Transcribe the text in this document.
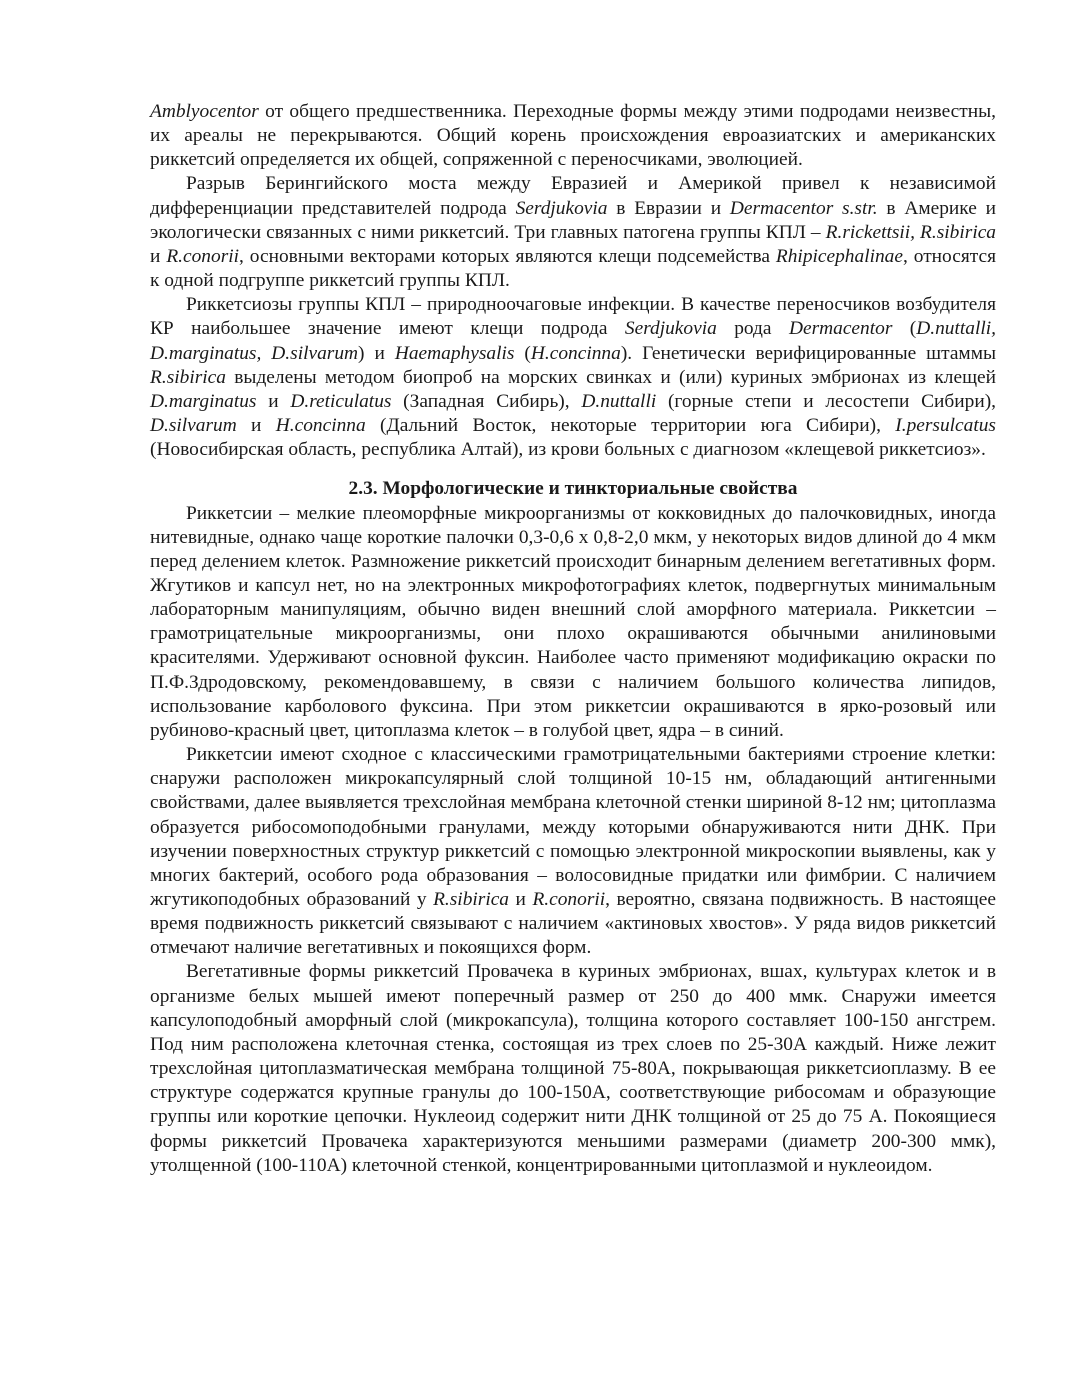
Amblyocentor от общего предшественника. Переходные формы между этими подродами неизвестны, их ареалы не перекрываются. Общий корень происхождения евроазиатских и американских риккетсий определяется их общей, сопряженной с переносчиками, эволюцией.

Разрыв Берингийского моста между Евразией и Америкой привел к независимой дифференциации представителей подрода Serdjukovia в Евразии и Dermacentor s.str. в Америке и экологически связанных с ними риккетсий. Три главных патогена группы КПЛ – R.rickettsii, R.sibirica и R.conorii, основными векторами которых являются клещи подсемейства Rhipicephalinae, относятся к одной подгруппе риккетсий группы КПЛ.

Риккетсиозы группы КПЛ – природноочаговые инфекции. В качестве переносчиков возбудителя КР наибольшее значение имеют клещи подрода Serdjukovia рода Dermacentor (D.nuttalli, D.marginatus, D.silvarum) и Haemaphysalis (H.concinna). Генетически верифицированные штаммы R.sibirica выделены методом биопроб на морских свинках и (или) куриных эмбрионах из клещей D.marginatus и D.reticulatus (Западная Сибирь), D.nuttalli (горные степи и лесостепи Сибири), D.silvarum и H.concinna (Дальний Восток, некоторые территории юга Сибири), I.persulcatus (Новосибирская область, республика Алтай), из крови больных с диагнозом «клещевой риккетсиоз».

2.3. Морфологические и тинкториальные свойства

Риккетсии – мелкие плеоморфные микроорганизмы от кокковидных до палочковидных, иногда нитевидные, однако чаще короткие палочки 0,3-0,6 х 0,8-2,0 мкм, у некоторых видов длиной до 4 мкм перед делением клеток. Размножение риккетсий происходит бинарным делением вегетативных форм. Жгутиков и капсул нет, но на электронных микрофотографиях клеток, подвергнутых минимальным лабораторным манипуляциям, обычно виден внешний слой аморфного материала. Риккетсии – грамотрицательные микроорганизмы, они плохо окрашиваются обычными анилиновыми красителями. Удерживают основной фуксин. Наиболее часто применяют модификацию окраски по П.Ф.Здродовскому, рекомендовавшему, в связи с наличием большого количества липидов, использование карболового фуксина. При этом риккетсии окрашиваются в ярко-розовый или рубиново-красный цвет, цитоплазма клеток – в голубой цвет, ядра – в синий.

Риккетсии имеют сходное с классическими грамотрицательными бактериями строение клетки: снаружи расположен микрокапсулярный слой толщиной 10-15 нм, обладающий антигенными свойствами, далее выявляется трехслойная мембрана клеточной стенки шириной 8-12 нм; цитоплазма образуется рибосомоподобными гранулами, между которыми обнаруживаются нити ДНК. При изучении поверхностных структур риккетсий с помощью электронной микроскопии выявлены, как у многих бактерий, особого рода образования – волосовидные придатки или фимбрии. С наличием жгутикоподобных образований у R.sibirica и R.conorii, вероятно, связана подвижность. В настоящее время подвижность риккетсий связывают с наличием «актиновых хвостов». У ряда видов риккетсий отмечают наличие вегетативных и покоящихся форм.

Вегетативные формы риккетсий Провачека в куриных эмбрионах, вшах, культурах клеток и в организме белых мышей имеют поперечный размер от 250 до 400 ммк. Снаружи имеется капсулоподобный аморфный слой (микрокапсула), толщина которого составляет 100-150 ангстрем. Под ним расположена клеточная стенка, состоящая из трех слоев по 25-30А каждый. Ниже лежит трехслойная цитоплазматическая мембрана толщиной 75-80А, покрывающая риккетсиоплазму. В ее структуре содержатся крупные гранулы до 100-150А, соответствующие рибосомам и образующие группы или короткие цепочки. Нуклеоид содержит нити ДНК толщиной от 25 до 75 А. Покоящиеся формы риккетсий Провачека характеризуются меньшими размерами (диаметр 200-300 ммк), утолщенной (100-110А) клеточной стенкой, концентрированными цитоплазмой и нуклеоидом.
